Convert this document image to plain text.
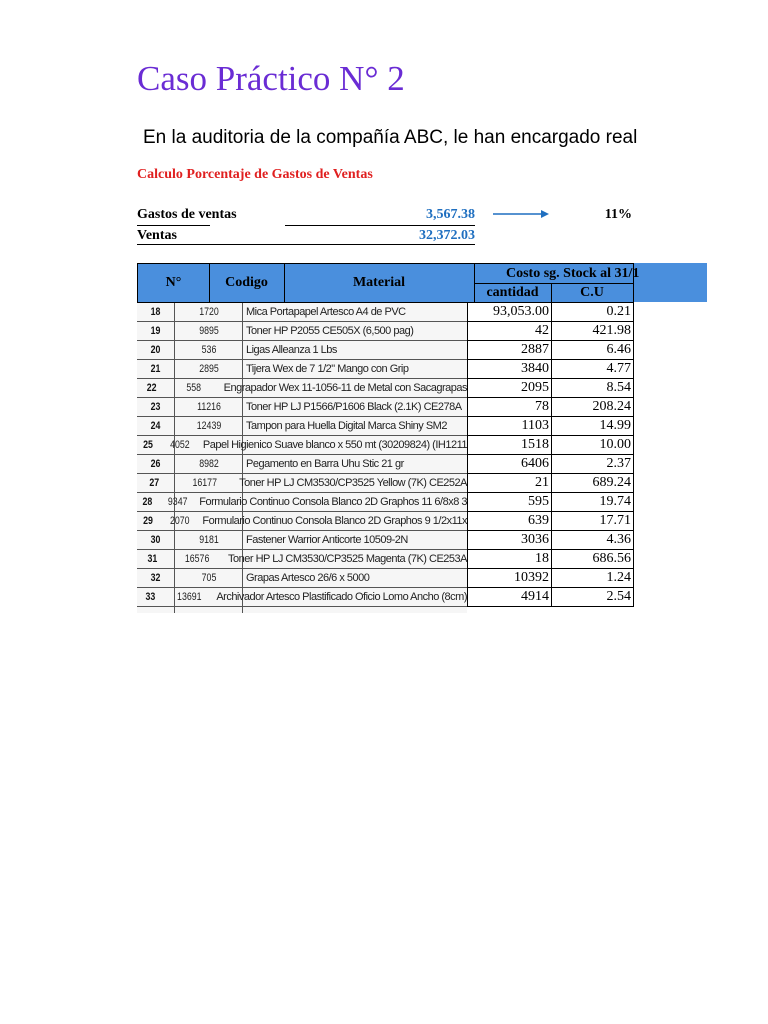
Caso Práctico N° 2
En la auditoria de la compañía ABC, le han encargado real
Calculo Porcentaje de Gastos de Ventas
Gastos de ventas	3,567.38	11%
Ventas	32,372.03
N°	Codigo	Material
Costo sg. Stock al 31/1
cantidad	C.U
18	1720	Mica Portapapel Artesco A4 de PVC	93,053.00	0.21
19	9895	Toner HP P2055 CE505X (6,500 pag)	42	421.98
20	536	Ligas Alleanza 1 Lbs	2887	6.46
21	2895	Tijera Wex de 7 1/2" Mango con Grip	3840	4.77
22	558	Engrapador Wex 11-1056-11 de Metal con Sacagrapas	2095	8.54
23	11216	Toner HP LJ P1566/P1606 Black (2.1K) CE278A	78	208.24
24	12439	Tampon para Huella Digital Marca Shiny SM2	1103	14.99
25	4052	Papel Higienico Suave blanco x 550 mt (30209824) (IH1211	1518	10.00
26	8982	Pegamento en Barra Uhu Stic 21 gr	6406	2.37
27	16177	Toner HP LJ CM3530/CP3525 Yellow (7K) CE252A	21	689.24
28	9347	Formulario Continuo Consola Blanco 2D Graphos 11 6/8x8 3	595	19.74
29	2070	Formulario Continuo Consola Blanco 2D Graphos 9 1/2x11x	639	17.71
30	9181	Fastener Warrior Anticorte 10509-2N	3036	4.36
31	16576	Toner HP LJ CM3530/CP3525 Magenta (7K) CE253A	18	686.56
32	705	Grapas Artesco 26/6 x 5000	10392	1.24
33	13691	Archivador Artesco Plastificado Oficio Lomo Ancho (8cm)	4914	2.54
